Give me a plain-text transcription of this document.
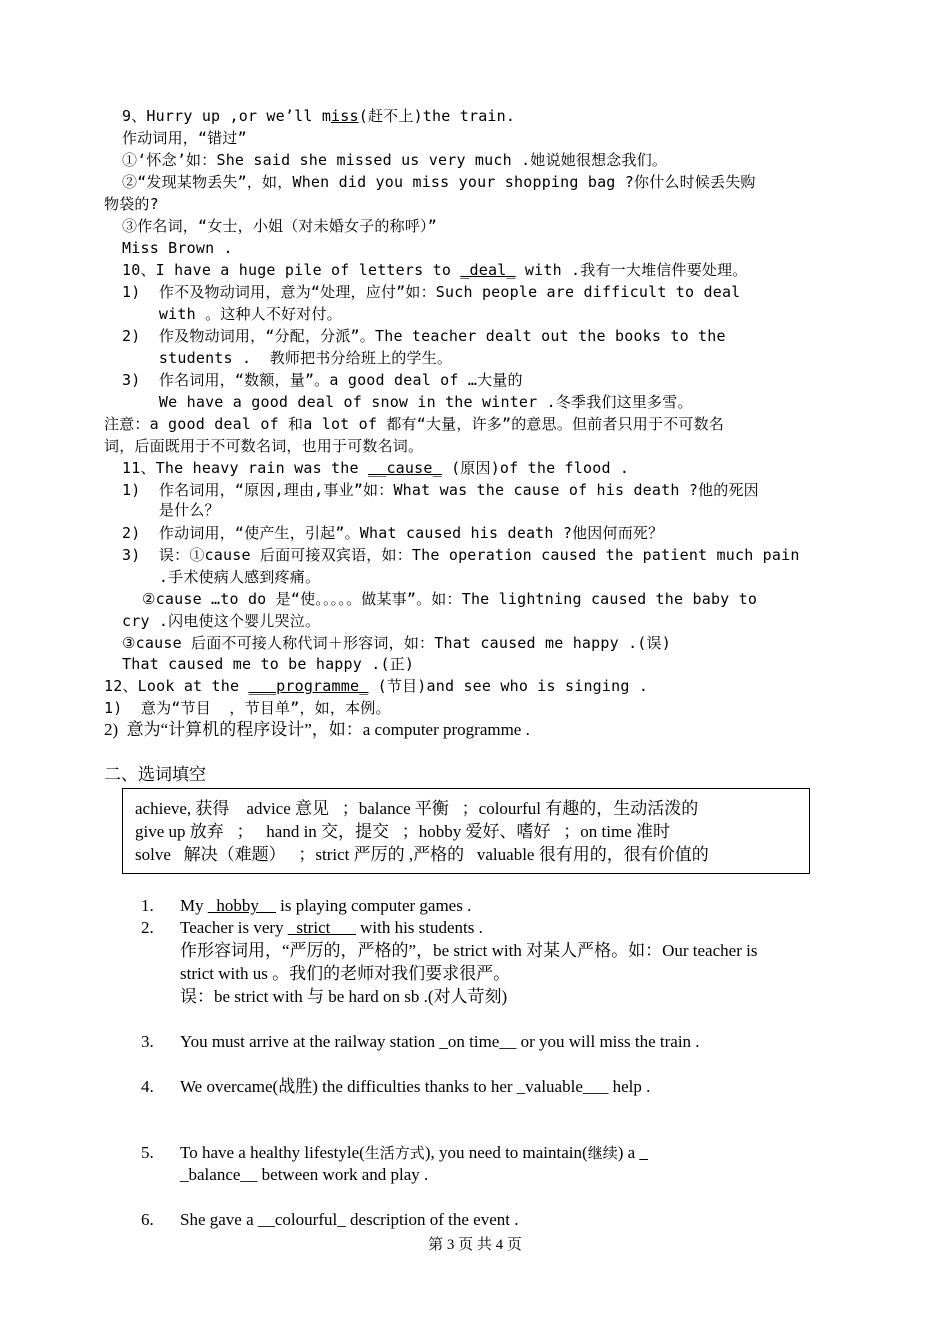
9、Hurry up ,or we’ll miss(赶不上)the train.
作动词用，“错过”
①‘怀念’如：She said she missed us very much .她说她很想念我们。
②“发现某物丢失”，如，When did you miss your shopping bag ?你什么时候丢失购
物袋的?
③作名词，“女士，小姐（对未婚女子的称呼）”
Miss Brown .
10、I have a huge pile of letters to _deal_ with .我有一大堆信件要处理。
1)  作不及物动词用，意为“处理，应付”如：Such people are difficult to deal
with 。这种人不好对付。
2)  作及物动词用，“分配，分派”。The teacher dealt out the books to the
students .  教师把书分给班上的学生。
3)  作名词用，“数额，量”。a good deal of …大量的
We have a good deal of snow in the winter .冬季我们这里多雪。
注意：a good deal of 和a lot of 都有“大量，许多”的意思。但前者只用于不可数名
词，后面既用于不可数名词，也用于可数名词。
11、The heavy rain was the __cause_ (原因)of the flood .
1)  作名词用，“原因,理由,事业”如：What was the cause of his death ?他的死因
是什么？
2)  作动词用，“使产生，引起”。What caused his death ?他因何而死？
3)  误：①cause 后面可接双宾语，如：The operation caused the patient much pain
.手术使病人感到疼痛。
②cause …to do 是“使。。。。。做某事”。如：The lightning caused the baby to
cry .闪电使这个婴儿哭泣。
③cause 后面不可接人称代词＋形容词，如：That caused me happy .(误)
That caused me to be happy .(正)
12、Look at the ___programme_ (节目)and see who is singing .
1)  意为“节目  ，节目单”，如，本例。
2)  意为“计算机的程序设计”，如：a computer programme .
二、选词填空
achieve, 获得    advice 意见   ；balance 平衡   ；colourful 有趣的，生动活泼的
give up 放弃   ；   hand in 交，提交   ；hobby 爱好、嗜好   ；on time 准时
solve   解决（难题）   ；strict 严厉的 ,严格的   valuable 很有用的，很有价值的
1. My _hobby__ is playing computer games .
2. Teacher is very _strict___ with his students .
作形容词用，“严厉的，严格的”，be strict with 对某人严格。如：Our teacher is
strict with us 。我们的老师对我们要求很严。
误：be strict with 与 be hard on sb .(对人苛刻)
3. You must arrive at the railway station _on time__ or you will miss the train .
4. We overcame(战胜) the difficulties thanks to her _valuable___ help .
5. To have a healthy lifestyle(生活方式), you need to maintain(继续) a _
_balance__ between work and play .
6. She gave a __colourful_ description of the event .
第 3 页 共 4 页
